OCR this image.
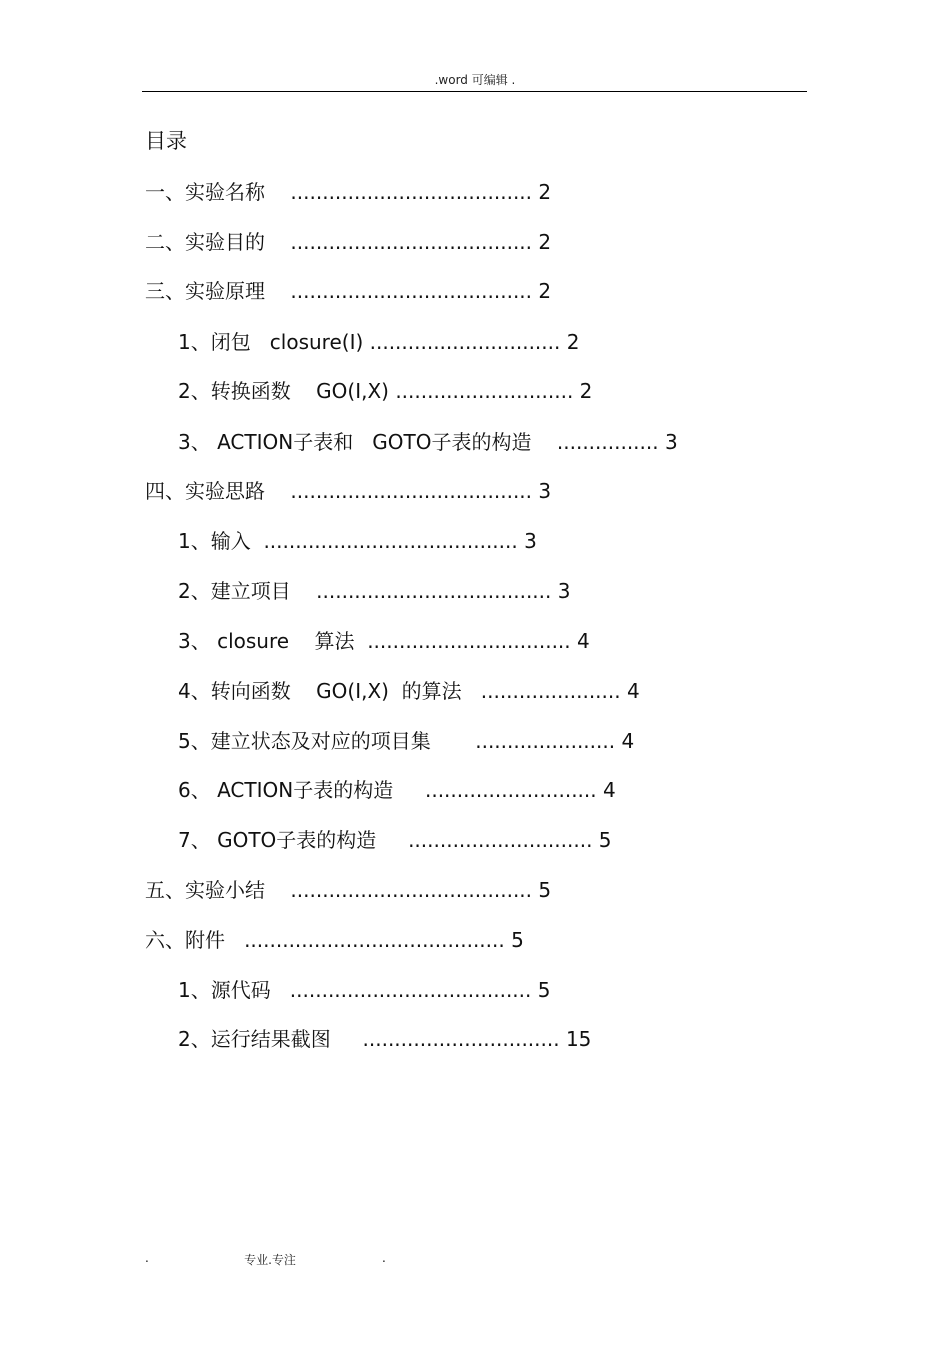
.word 可编辑 .
目录
一、实验名称    ...................................... 2
二、实验目的    ...................................... 2
三、实验原理    ...................................... 2
1、闭包   closure(I) .............................. 2
2、转换函数    GO(I,X) ............................ 2
3、 ACTION子表和   GOTO子表的构造    ................ 3
四、实验思路    ...................................... 3
1、输入  ........................................ 3
2、建立项目    ..................................... 3
3、 closure    算法  ................................ 4
4、转向函数    GO(I,X)  的算法   ...................... 4
5、建立状态及对应的项目集       ...................... 4
6、 ACTION子表的构造     ........................... 4
7、 GOTO子表的构造     ............................. 5
五、实验小结    ...................................... 5
六、附件   ......................................... 5
1、源代码   ...................................... 5
2、运行结果截图     ............................... 15
.	专业.专注	.
